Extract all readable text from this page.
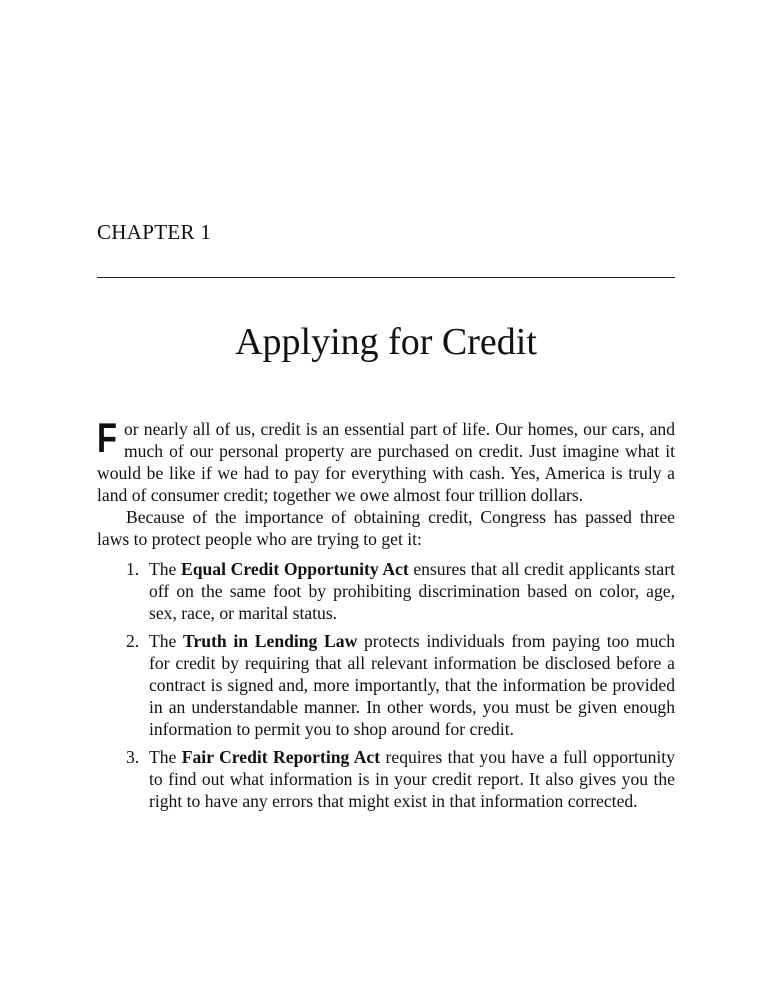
CHAPTER 1
Applying for Credit

For nearly all of us, credit is an essential part of life. Our homes, our cars, and much of our personal property are purchased on credit. Just imagine what it would be like if we had to pay for everything with cash. Yes, America is truly a land of consumer credit; together we owe almost four trillion dollars.

Because of the importance of obtaining credit, Congress has passed three laws to protect people who are trying to get it:

1. The Equal Credit Opportunity Act ensures that all credit applicants start off on the same foot by prohibiting discrimination based on color, age, sex, race, or marital status.
2. The Truth in Lending Law protects individuals from paying too much for credit by requiring that all relevant information be disclosed before a contract is signed and, more importantly, that the information be provided in an understandable manner. In other words, you must be given enough information to permit you to shop around for credit.
3. The Fair Credit Reporting Act requires that you have a full opportunity to find out what information is in your credit report. It also gives you the right to have any errors that might exist in that information corrected.
